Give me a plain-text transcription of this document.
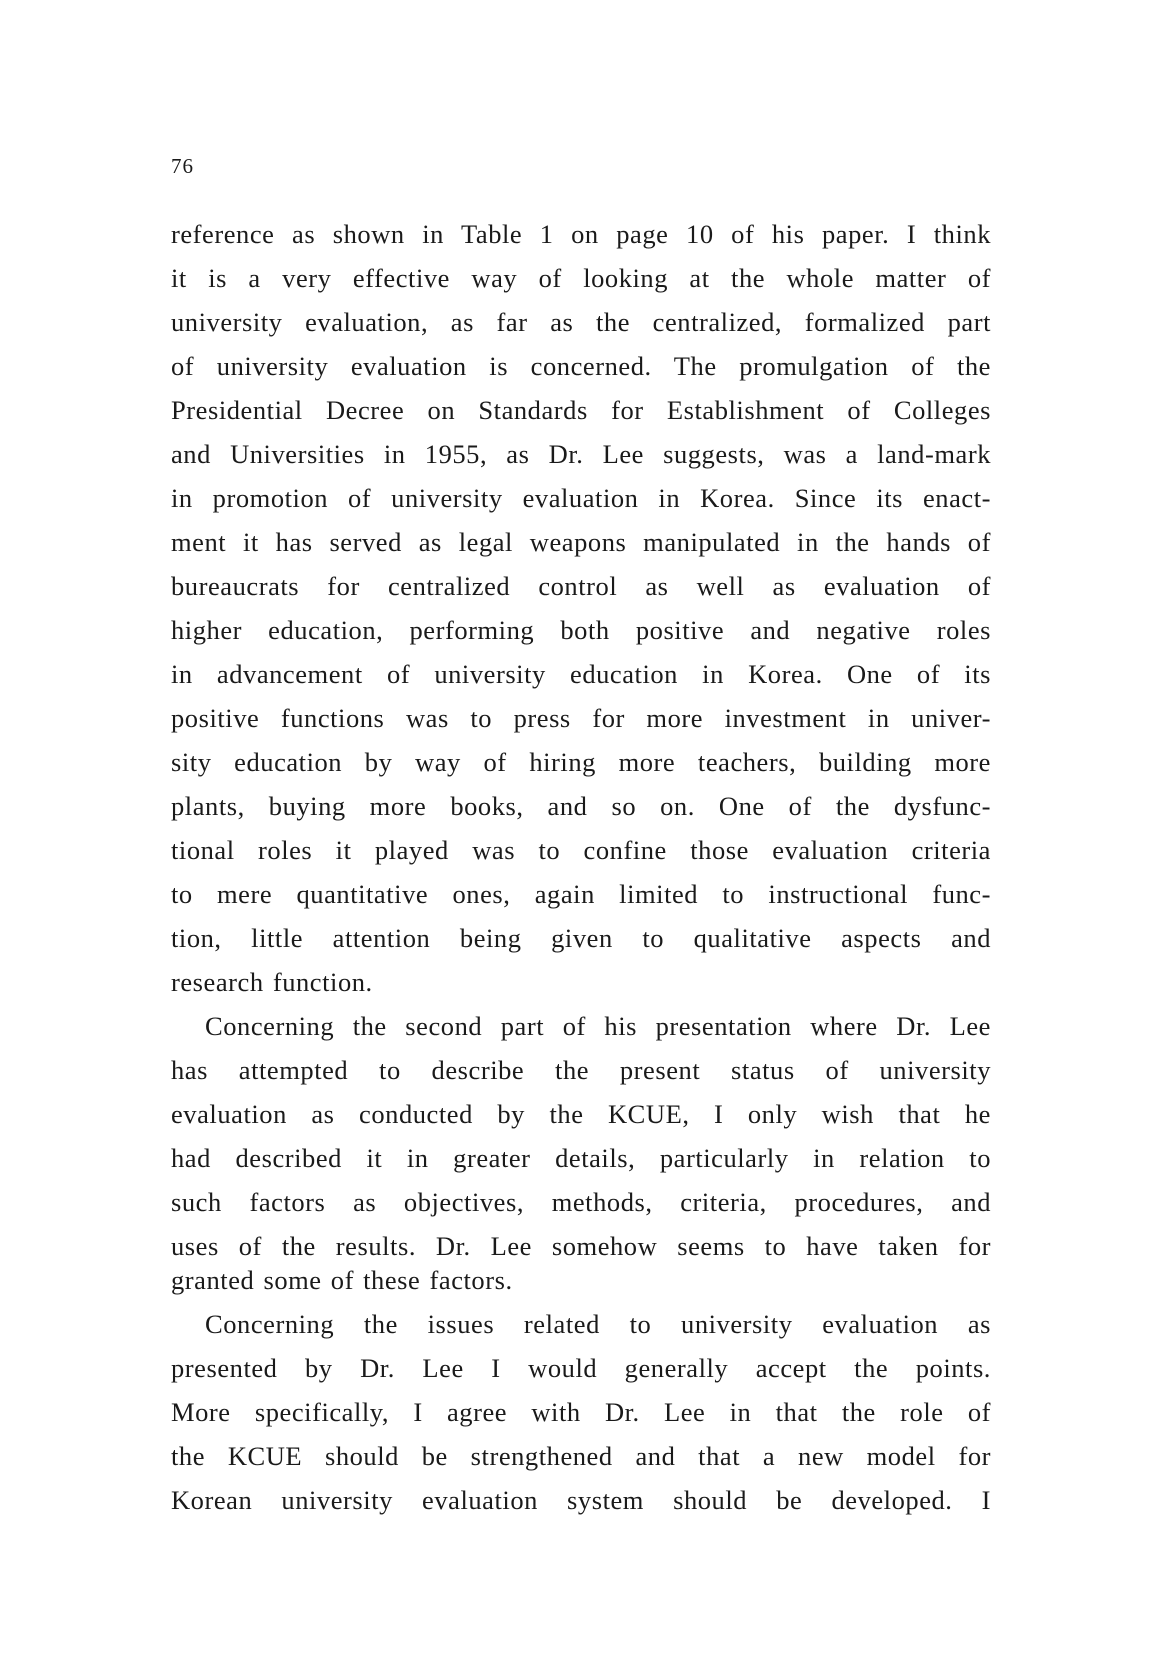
76
reference as shown in Table 1 on page 10 of his paper. I think
it is a very effective way of looking at the whole matter of
university evaluation, as far as the centralized, formalized part
of university evaluation is concerned. The promulgation of the
Presidential Decree on Standards for Establishment of Colleges
and Universities in 1955, as Dr. Lee suggests, was a land-mark
in promotion of university evaluation in Korea. Since its enact-
ment it has served as legal weapons manipulated in the hands of
bureaucrats for centralized control as well as evaluation of
higher education, performing both positive and negative roles
in advancement of university education in Korea. One of its
positive functions was to press for more investment in univer-
sity education by way of hiring more teachers, building more
plants, buying more books, and so on. One of the dysfunc-
tional roles it played was to confine those evaluation criteria
to mere quantitative ones, again limited to instructional func-
tion, little attention being given to qualitative aspects and
research function.
Concerning the second part of his presentation where Dr. Lee
has attempted to describe the present status of university
evaluation as conducted by the KCUE, I only wish that he
had described it in greater details, particularly in relation to
such factors as objectives, methods, criteria, procedures, and
uses of the results. Dr. Lee somehow seems to have taken for
granted some of these factors.
Concerning the issues related to university evaluation as
presented by Dr. Lee I would generally accept the points.
More specifically, I agree with Dr. Lee in that the role of
the KCUE should be strengthened and that a new model for
Korean university evaluation system should be developed. I
